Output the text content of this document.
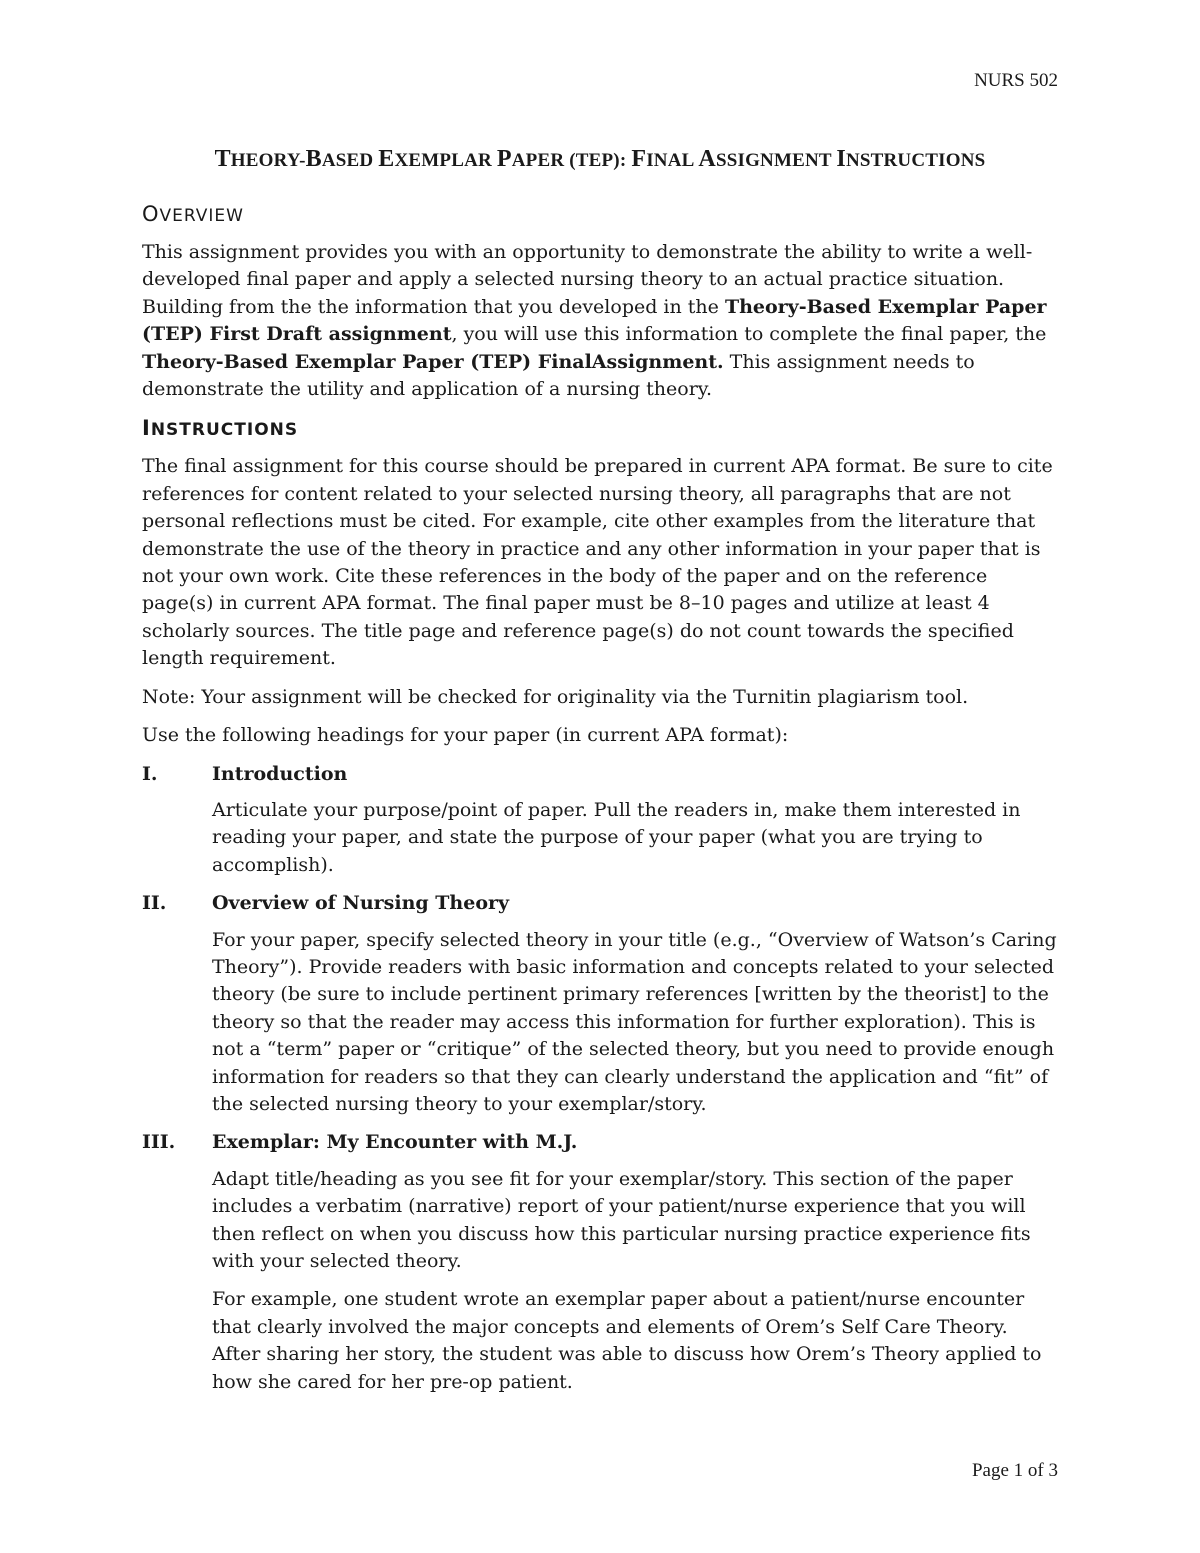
NURS 502
THEORY-BASED EXEMPLAR PAPER (TEP): FINAL ASSIGNMENT INSTRUCTIONS
OVERVIEW

This assignment provides you with an opportunity to demonstrate the ability to write a well-developed final paper and apply a selected nursing theory to an actual practice situation. Building from the the information that you developed in the Theory-Based Exemplar Paper (TEP) First Draft assignment, you will use this information to complete the final paper, the Theory-Based Exemplar Paper (TEP) FinalAssignment. This assignment needs to demonstrate the utility and application of a nursing theory.

INSTRUCTIONS

The final assignment for this course should be prepared in current APA format. Be sure to cite references for content related to your selected nursing theory, all paragraphs that are not personal reflections must be cited. For example, cite other examples from the literature that demonstrate the use of the theory in practice and any other information in your paper that is not your own work. Cite these references in the body of the paper and on the reference page(s) in current APA format. The final paper must be 8–10 pages and utilize at least 4 scholarly sources. The title page and reference page(s) do not count towards the specified length requirement.

Note: Your assignment will be checked for originality via the Turnitin plagiarism tool.

Use the following headings for your paper (in current APA format):

I.	Introduction

Articulate your purpose/point of paper. Pull the readers in, make them interested in reading your paper, and state the purpose of your paper (what you are trying to accomplish).

II.	Overview of Nursing Theory

For your paper, specify selected theory in your title (e.g., “Overview of Watson’s Caring Theory”). Provide readers with basic information and concepts related to your selected theory (be sure to include pertinent primary references [written by the theorist] to the theory so that the reader may access this information for further exploration). This is not a “term” paper or “critique” of the selected theory, but you need to provide enough information for readers so that they can clearly understand the application and “fit” of the selected nursing theory to your exemplar/story.

III.	Exemplar: My Encounter with M.J.

Adapt title/heading as you see fit for your exemplar/story. This section of the paper includes a verbatim (narrative) report of your patient/nurse experience that you will then reflect on when you discuss how this particular nursing practice experience fits with your selected theory.

For example, one student wrote an exemplar paper about a patient/nurse encounter that clearly involved the major concepts and elements of Orem’s Self Care Theory. After sharing her story, the student was able to discuss how Orem’s Theory applied to how she cared for her pre-op patient.

Page 1 of 3
